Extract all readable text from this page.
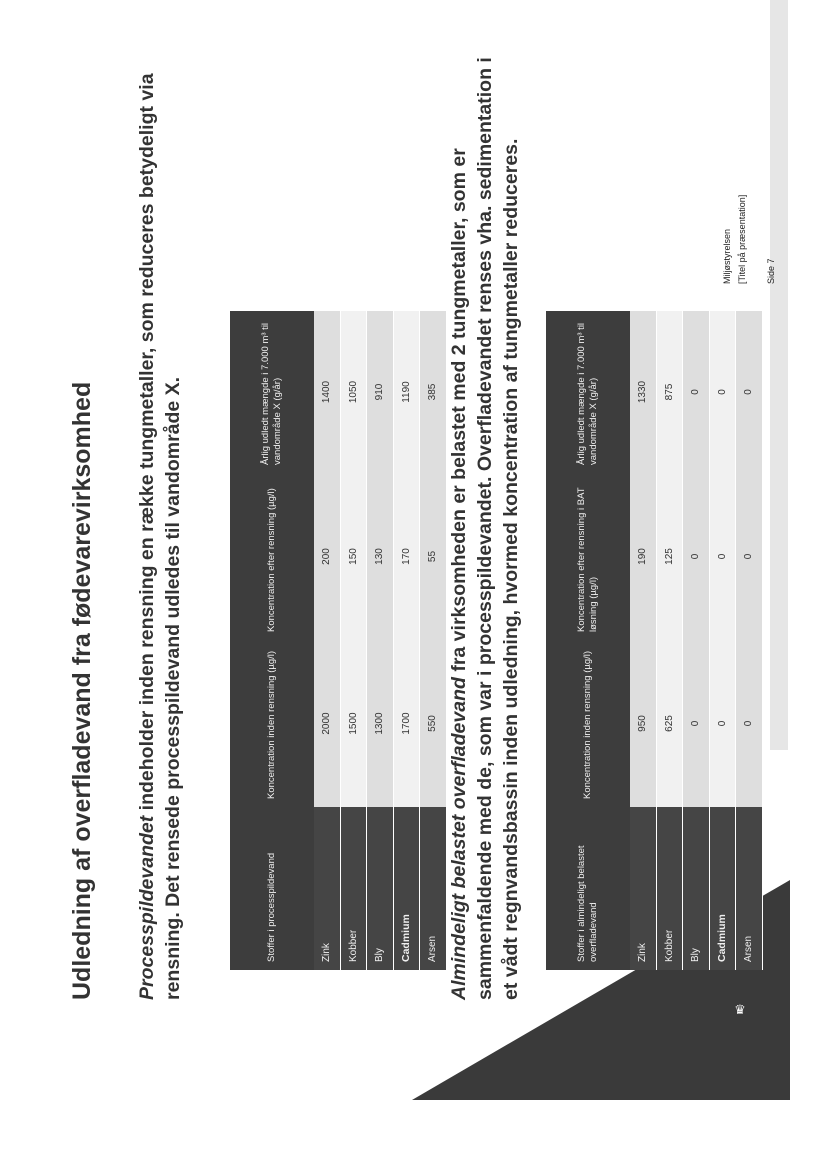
♛
Udledning af overfladevand fra fødevarevirksomhed Processpildevandet indeholder inden rensning en række tungmetaller, som reduceres betydeligt via rensning. Det rensede processpildevand udledes til vandområde X.	Stoffer i processpildevand	Koncentration inden rensning (µg/l)	Koncentration efter rensning (µg/l)	Årlig udledt mængde i 7.000 m³ til vandområde X (g/år)
Zink	2000	200	1400
Kobber	1500	150	1050
Bly	1300	130	910
Cadmium	1700	170	1190
Arsen	550	55	385
Almindeligt belastet overfladevand fra virksomheden er belastet med 2 tungmetaller, som er sammenfaldende med de, som var i processpildevandet. Overfladevandet renses vha. sedimentation i et vådt regnvandsbassin inden udledning, hvormed koncentration af tungmetaller reduceres.	Stoffer i almindeligt belastet overfladevand	Koncentration inden rensning (µg/l)	Koncentration efter rensning i BAT løsning (µg/l)	Årlig udledt mængde i 7.000 m³ til vandområde X (g/år)
Zink	950	190	1330
Kobber	625	125	875
Bly	0	0	0
Cadmium	0	0	0
Arsen	0	0	0
Miljøstyrelsen [Titel på præsentation] Side 7
